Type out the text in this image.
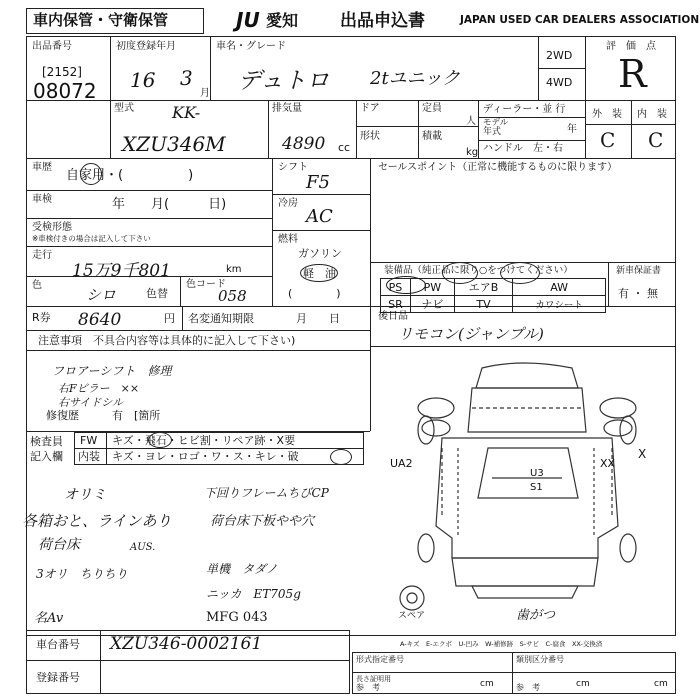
車内保管・守衛保管	JU 愛知 出品申込書	JAPAN USED CAR DEALERS ASSOCIATION
出品番号
[2152]
08072
初度登録年月
16 3
月
車名・グレード
デュトロ 2tユニック
2WD
4WD
評　価　点
R
型式 KK-
XZU346M
排気量
4890 cc
ドア	定員
人
形状	積載
kg
ディーラー・並 行
モデル
年式	年
ハンドル　左・右
外　装 内　装
C C
車歴
自家用・(　　　　　)
車検	年　　月(　　　日)
受検形態
※車検付きの場合は記入して下さい
走行
15万9千801	km
色
シロ	色替
色コード
058
シフト
F5
冷房
AC
燃料
ガソリン
軽　油
(　　　　)
セールスポイント（正常に機能するものに限ります）
装備品（純正品に限り○をつけてください）
PS	PW	エアB	AW
SR	ナビ	TV	カワシート
新車保証書
有 ・ 無
R券 8640	円 名変通知期限	月　　日	後日品
リモコン(ジャンプル)
注意事項　不具合内容等は具体的に記入して下さい)
フロアーシフト　修理
右Fビラー　××
右サイドシル
修復歴	有　[箇所
検査員
記入欄
FW キズ・飛石・ヒビ割・リペア跡・X要
内装 キズ・ヨレ・ロゴ・ワ・ス・キレ・破
オリミ
各箱おと、ラインあり
荷台床	AUS.
3オリ　ちりちり
下回りフレームちびCP
荷台床下板やや穴
単機　タダノ
ニッカ　ET705g
MFG 043
名Av
UA2	XX
X
U3
S1
スペア	歯がつ
A-キズ　E-エクボ　U-凹み　W-補修跡　S-サビ　C-腐食　XX-交換済
車台番号 XZU346-0002161
登録番号
形式指定番号	類別区分番号
参　考	参　考
長さ証明用	cm	cm	cm
